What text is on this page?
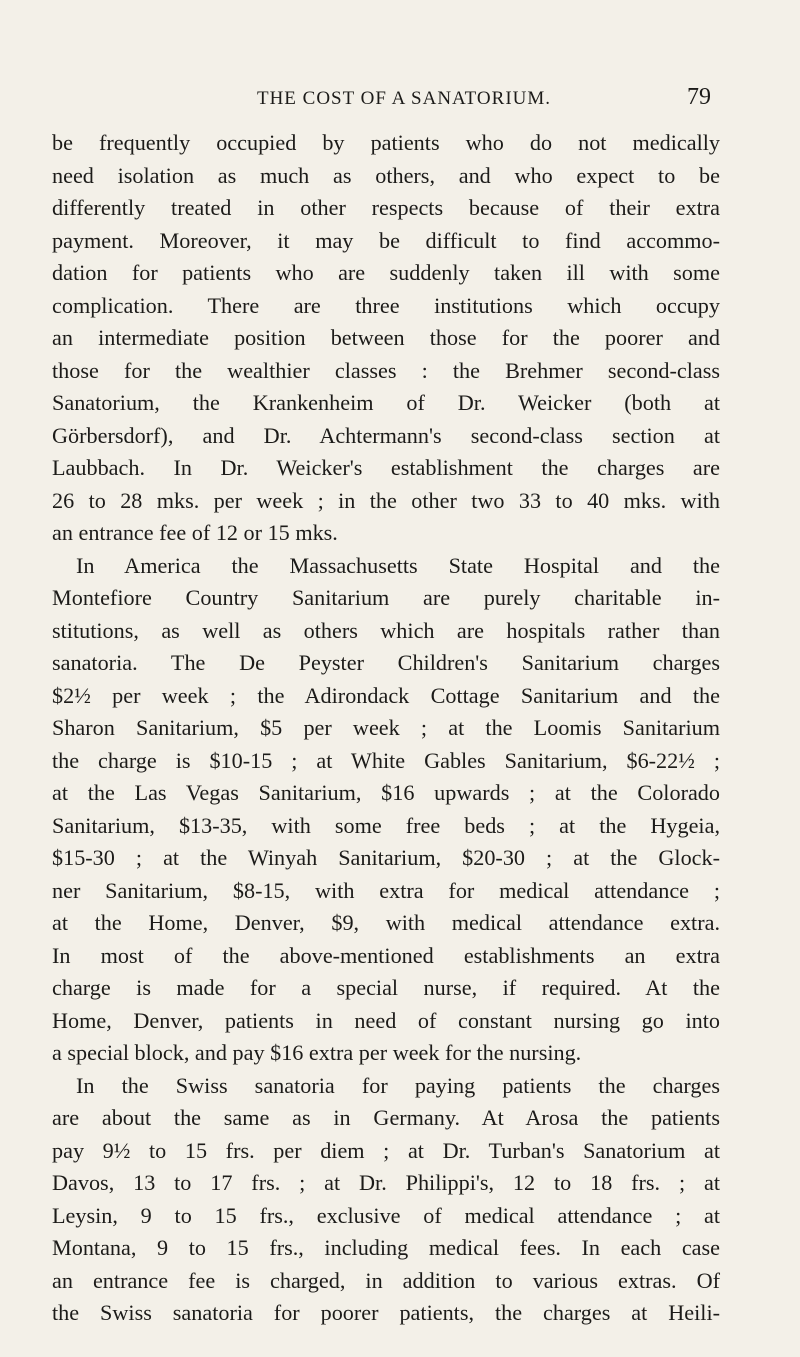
THE COST OF A SANATORIUM.	79
be frequently occupied by patients who do not medically
need isolation as much as others, and who expect to be
differently treated in other respects because of their extra
payment. Moreover, it may be difficult to find accommo-
dation for patients who are suddenly taken ill with some
complication. There are three institutions which occupy
an intermediate position between those for the poorer and
those for the wealthier classes : the Brehmer second-class
Sanatorium, the Krankenheim of Dr. Weicker (both at
Görbersdorf), and Dr. Achtermann's second-class section at
Laubbach. In Dr. Weicker's establishment the charges are
26 to 28 mks. per week ; in the other two 33 to 40 mks. with
an entrance fee of 12 or 15 mks.
In America the Massachusetts State Hospital and the
Montefiore Country Sanitarium are purely charitable in-
stitutions, as well as others which are hospitals rather than
sanatoria. The De Peyster Children's Sanitarium charges
$2½ per week ; the Adirondack Cottage Sanitarium and the
Sharon Sanitarium, $5 per week ; at the Loomis Sanitarium
the charge is $10-15 ; at White Gables Sanitarium, $6-22½ ;
at the Las Vegas Sanitarium, $16 upwards ; at the Colorado
Sanitarium, $13-35, with some free beds ; at the Hygeia,
$15-30 ; at the Winyah Sanitarium, $20-30 ; at the Glock-
ner Sanitarium, $8-15, with extra for medical attendance ;
at the Home, Denver, $9, with medical attendance extra.
In most of the above-mentioned establishments an extra
charge is made for a special nurse, if required. At the
Home, Denver, patients in need of constant nursing go into
a special block, and pay $16 extra per week for the nursing.
In the Swiss sanatoria for paying patients the charges
are about the same as in Germany. At Arosa the patients
pay 9½ to 15 frs. per diem ; at Dr. Turban's Sanatorium at
Davos, 13 to 17 frs. ; at Dr. Philippi's, 12 to 18 frs. ; at
Leysin, 9 to 15 frs., exclusive of medical attendance ; at
Montana, 9 to 15 frs., including medical fees. In each case
an entrance fee is charged, in addition to various extras. Of
the Swiss sanatoria for poorer patients, the charges at Heili-
